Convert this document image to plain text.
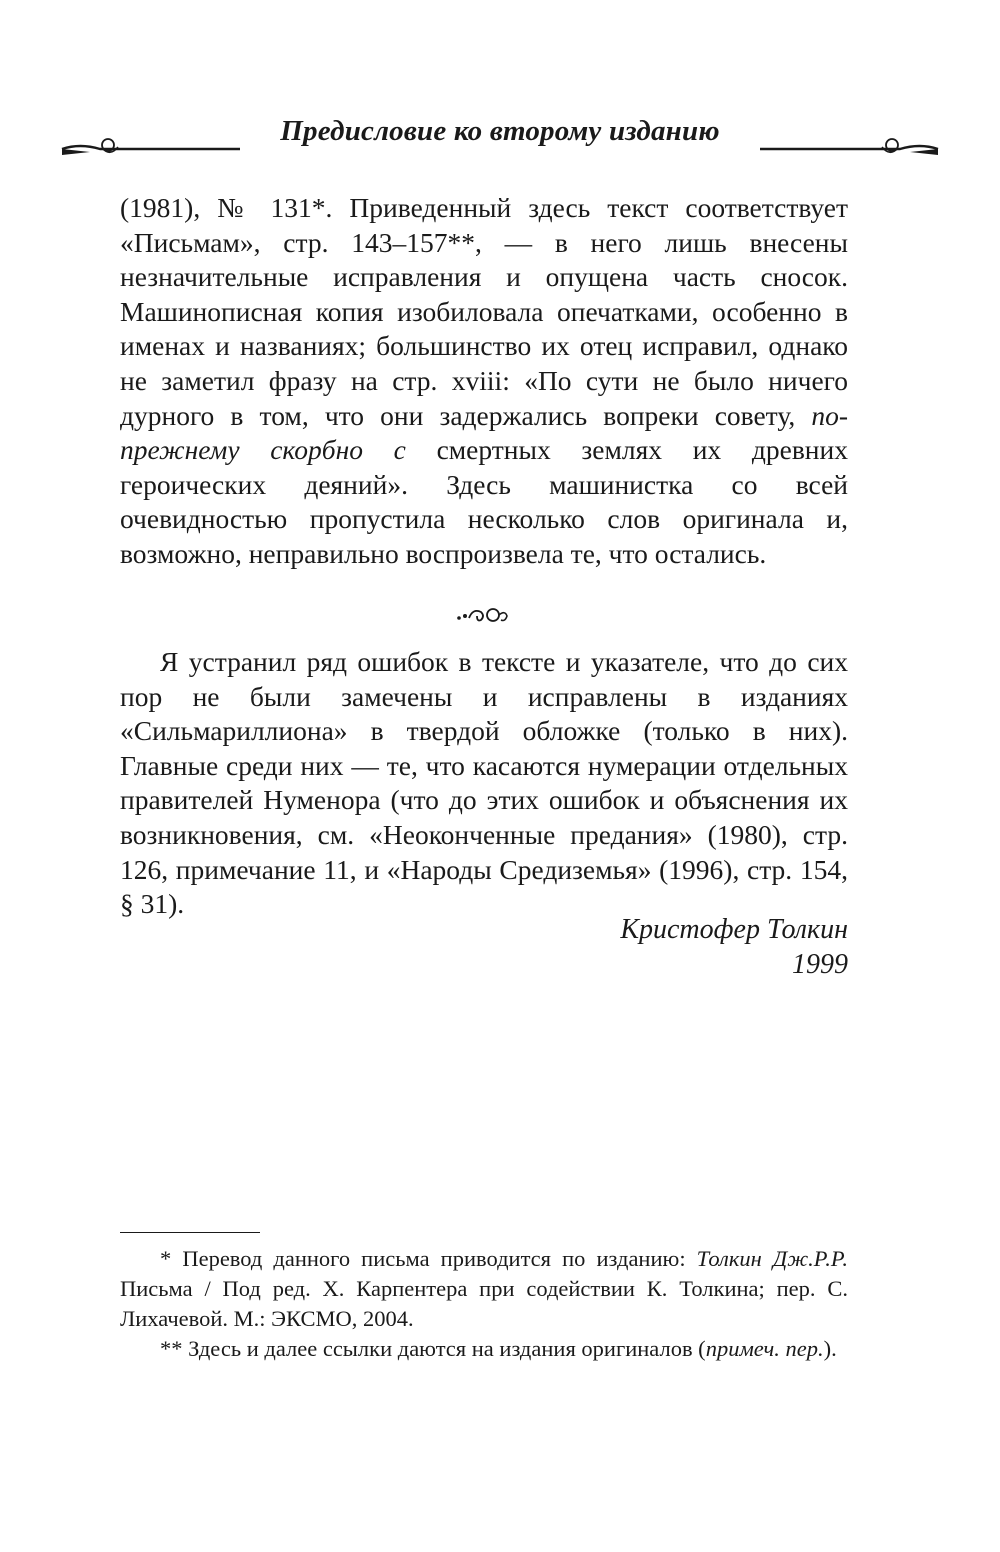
Предисловие ко второму изданию

(1981), № 131*. Приведенный здесь текст соответствует «Письмам», стр. 143–157**, — в него лишь внесены незначительные исправления и опущена часть сносок. Машинописная копия изобиловала опечатками, особенно в именах и названиях; большинство их отец исправил, однако не заметил фразу на стр. xviii: «По сути не было ничего дурного в том, что они задержались вопреки совету, по-прежнему скорбно с смертных землях их древних героических деяний». Здесь машинистка со всей очевидностью пропустила несколько слов оригинала и, возможно, неправильно воспроизвела те, что остались.

Я устранил ряд ошибок в тексте и указателе, что до сих пор не были замечены и исправлены в изданиях «Сильмариллиона» в твердой обложке (только в них). Главные среди них — те, что касаются нумерации отдельных правителей Нуменора (что до этих ошибок и объяснения их возникновения, см. «Неоконченные предания» (1980), стр. 126, примечание 11, и «Народы Средиземья» (1996), стр. 154, § 31).

Кристофер Толкин
1999

* Перевод данного письма приводится по изданию: Толкин Дж.Р.Р. Письма / Под ред. Х. Карпентера при содействии К. Толкина; пер. С. Лихачевой. М.: ЭКСМО, 2004.

** Здесь и далее ссылки даются на издания оригиналов (примеч. пер.).
